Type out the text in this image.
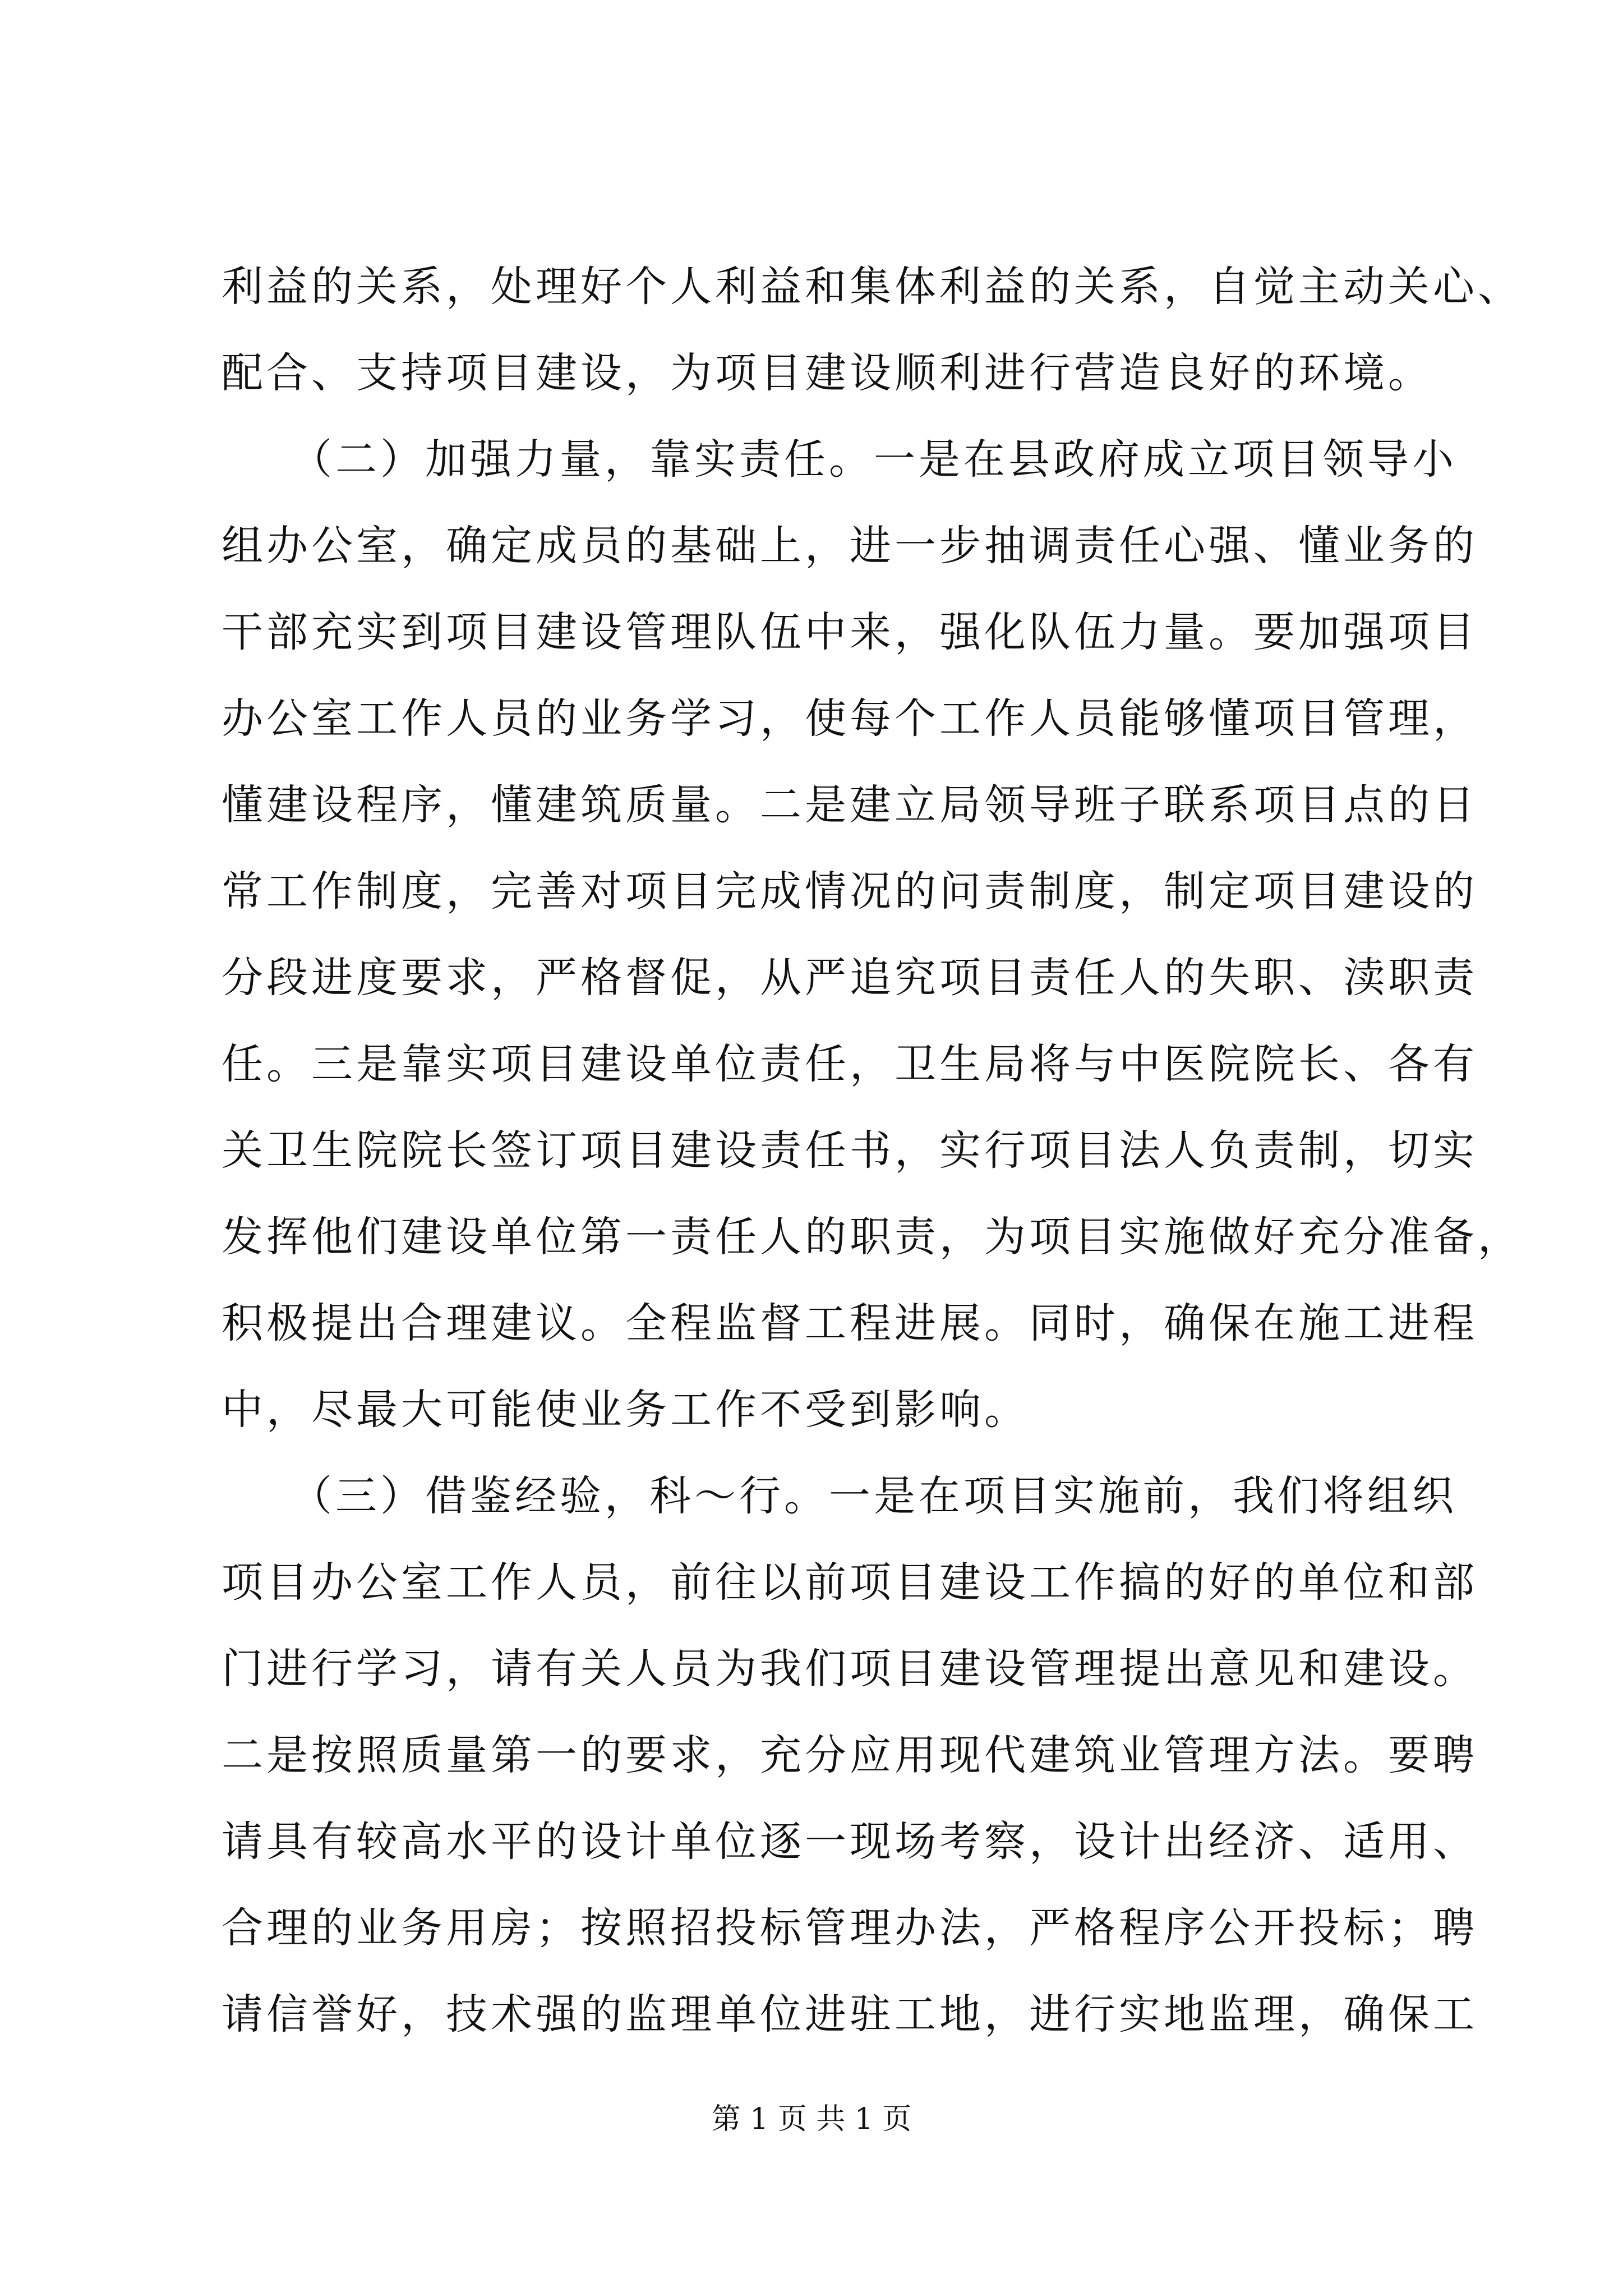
利益的关系，处理好个人利益和集体利益的关系，自觉主动关心、
配合、支持项目建设，为项目建设顺利进行营造良好的环境。
　　（二）加强力量，靠实责任。一是在县政府成立项目领导小
组办公室，确定成员的基础上，进一步抽调责任心强、懂业务的
干部充实到项目建设管理队伍中来，强化队伍力量。要加强项目
办公室工作人员的业务学习，使每个工作人员能够懂项目管理，
懂建设程序，懂建筑质量。二是建立局领导班子联系项目点的日
常工作制度，完善对项目完成情况的问责制度，制定项目建设的
分段进度要求，严格督促，从严追究项目责任人的失职、渎职责
任。三是靠实项目建设单位责任，卫生局将与中医院院长、各有
关卫生院院长签订项目建设责任书，实行项目法人负责制，切实
发挥他们建设单位第一责任人的职责，为项目实施做好充分准备，
积极提出合理建议。全程监督工程进展。同时，确保在施工进程
中，尽最大可能使业务工作不受到影响。
　　（三）借鉴经验，科～行。一是在项目实施前，我们将组织
项目办公室工作人员，前往以前项目建设工作搞的好的单位和部
门进行学习，请有关人员为我们项目建设管理提出意见和建设。
二是按照质量第一的要求，充分应用现代建筑业管理方法。要聘
请具有较高水平的设计单位逐一现场考察，设计出经济、适用、
合理的业务用房；按照招投标管理办法，严格程序公开投标；聘
请信誉好，技术强的监理单位进驻工地，进行实地监理，确保工
第 1 页 共 1 页
